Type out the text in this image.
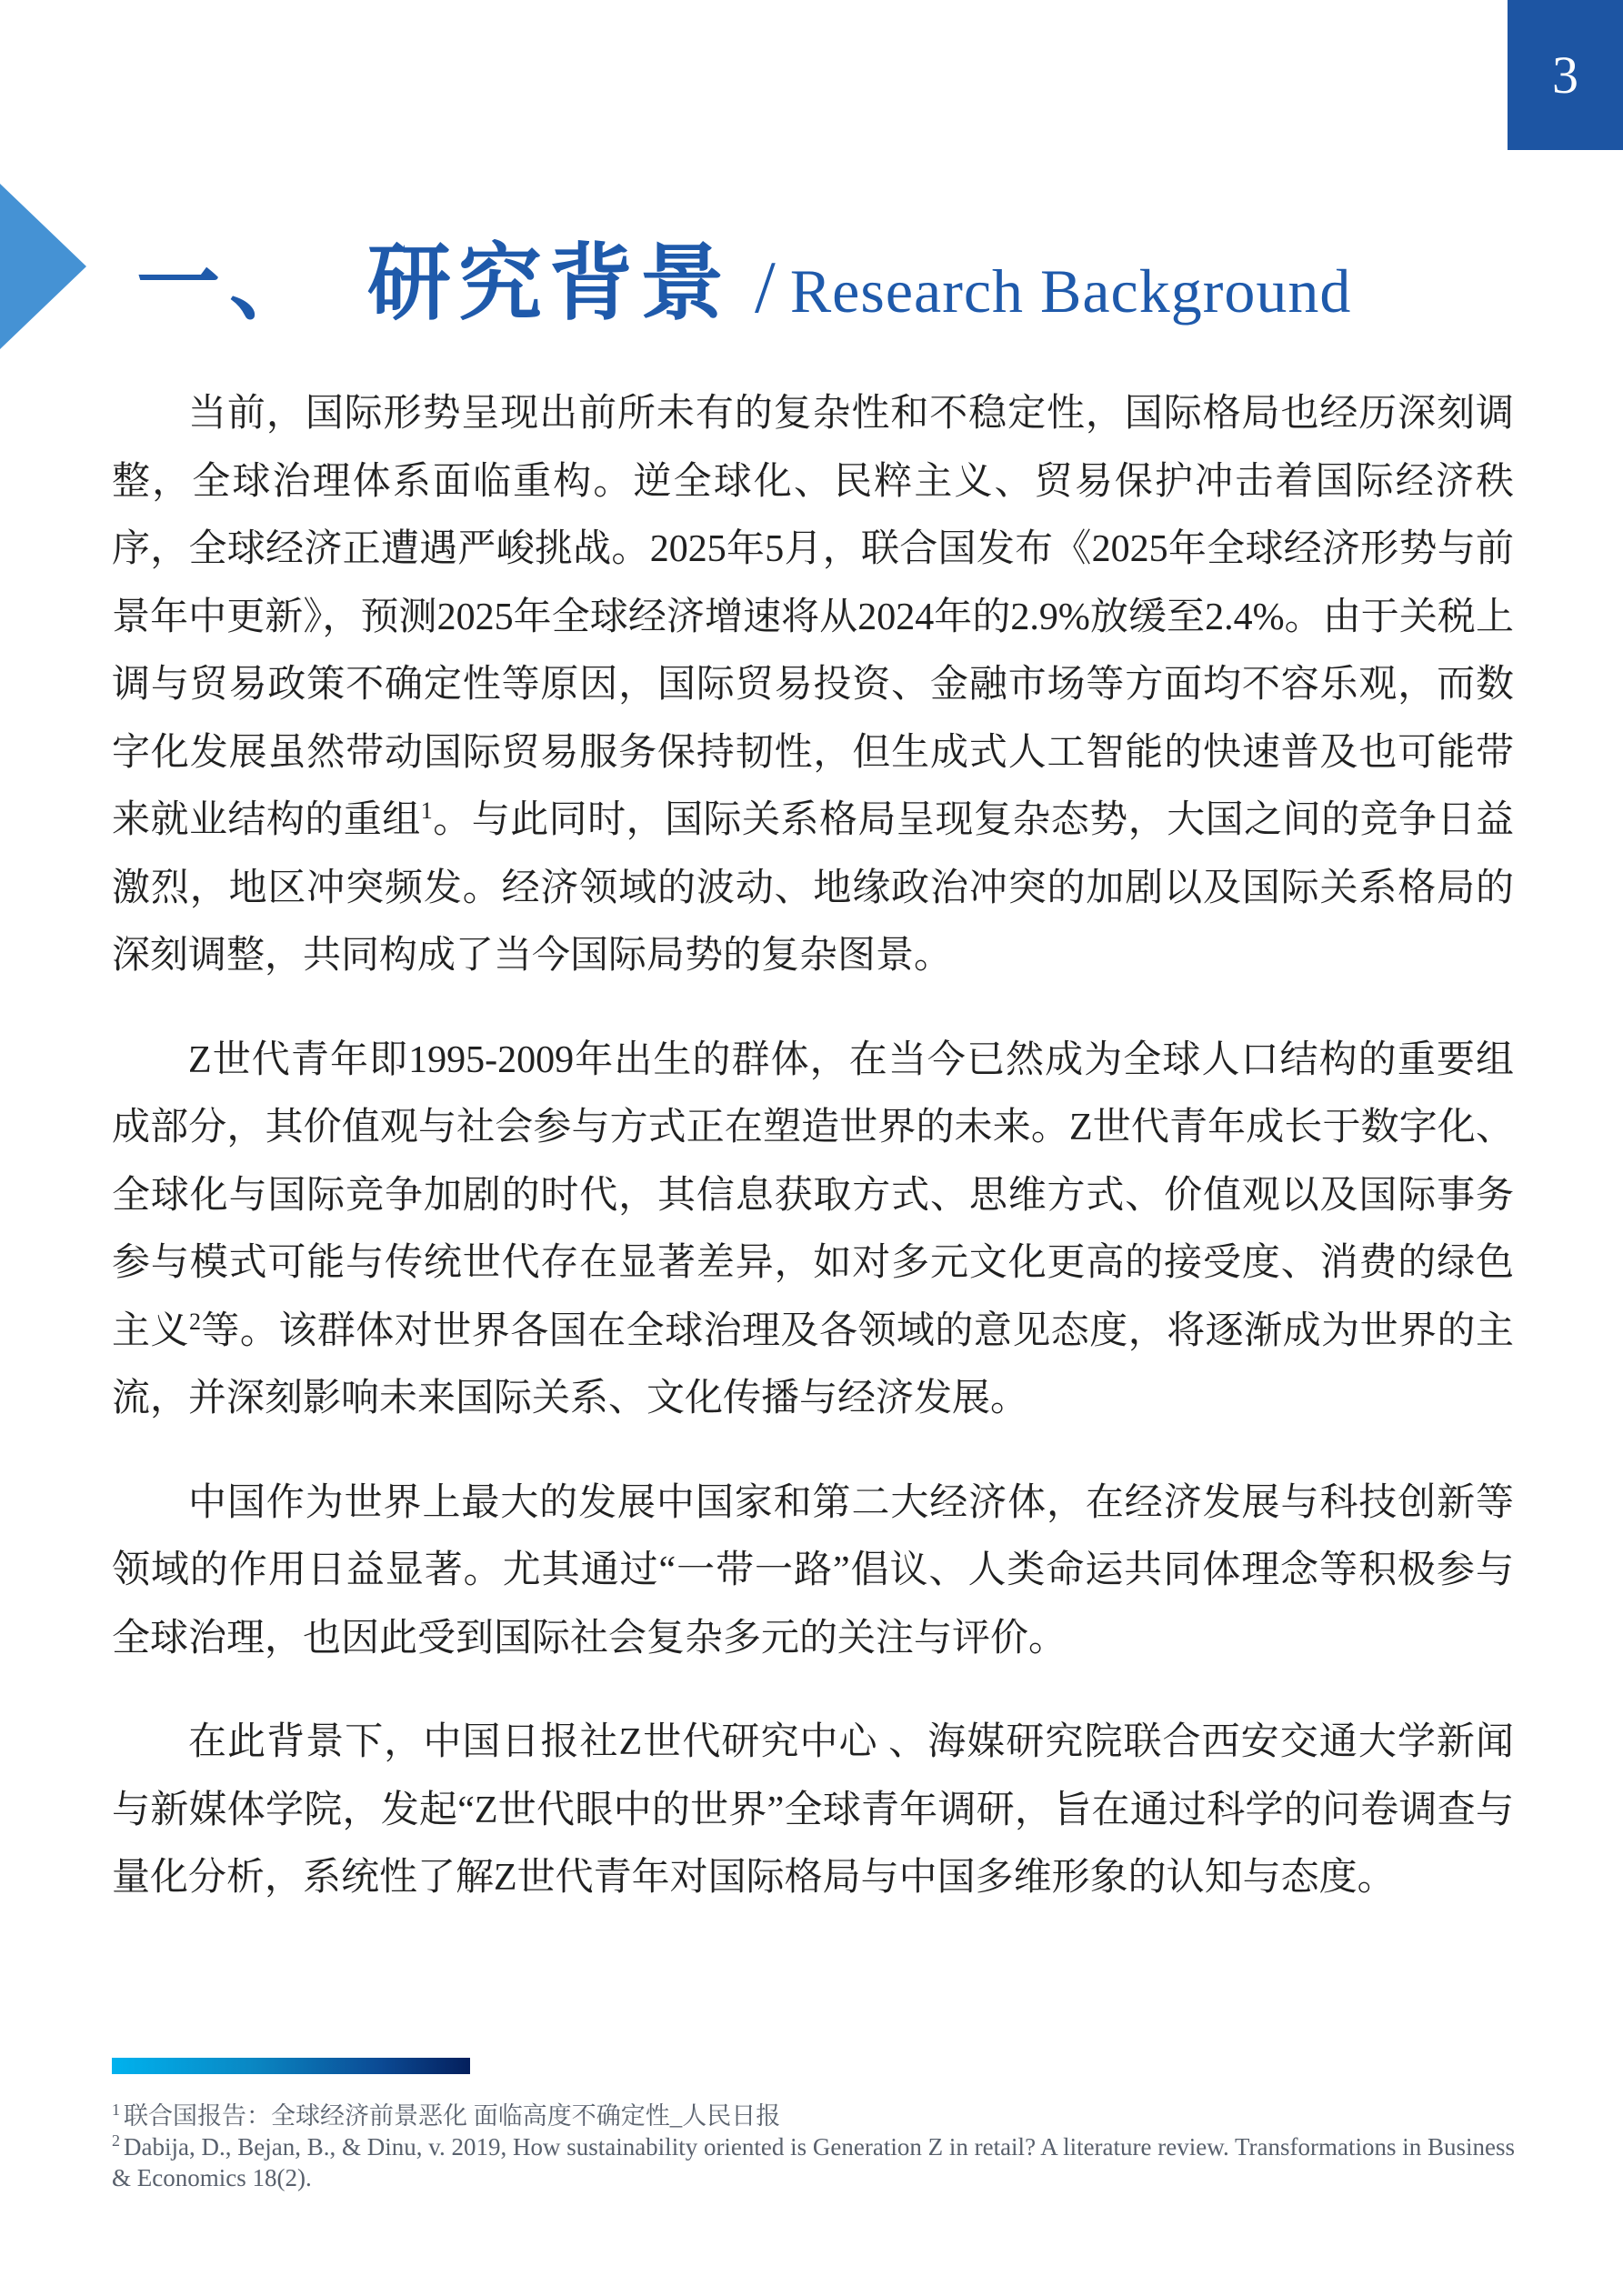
3
一、 研究背景 / Research Background

当前，国际形势呈现出前所未有的复杂性和不稳定性，国际格局也经历深刻调整，全球治理体系面临重构。逆全球化、民粹主义、贸易保护冲击着国际经济秩序，全球经济正遭遇严峻挑战。2025年5月，联合国发布《2025年全球经济形势与前景年中更新》，预测2025年全球经济增速将从2024年的2.9%放缓至2.4%。由于关税上调与贸易政策不确定性等原因，国际贸易投资、金融市场等方面均不容乐观，而数字化发展虽然带动国际贸易服务保持韧性，但生成式人工智能的快速普及也可能带来就业结构的重组$^1$。与此同时，国际关系格局呈现复杂态势，大国之间的竞争日益激烈，地区冲突频发。经济领域的波动、地缘政治冲突的加剧以及国际关系格局的深刻调整，共同构成了当今国际局势的复杂图景。

Z世代青年即1995-2009年出生的群体，在当今已然成为全球人口结构的重要组成部分，其价值观与社会参与方式正在塑造世界的未来。Z世代青年成长于数字化、全球化与国际竞争加剧的时代，其信息获取方式、思维方式、价值观以及国际事务参与模式可能与传统世代存在显著差异，如对多元文化更高的接受度、消费的绿色主义$^2$等。该群体对世界各国在全球治理及各领域的意见态度，将逐渐成为世界的主流，并深刻影响未来国际关系、文化传播与经济发展。

中国作为世界上最大的发展中国家和第二大经济体，在经济发展与科技创新等领域的作用日益显著。尤其通过“一带一路”倡议、人类命运共同体理念等积极参与全球治理，也因此受到国际社会复杂多元的关注与评价。

在此背景下，中国日报社Z世代研究中心 、海媒研究院联合西安交通大学新闻与新媒体学院，发起“Z世代眼中的世界”全球青年调研，旨在通过科学的问卷调查与量化分析，系统性了解Z世代青年对国际格局与中国多维形象的认知与态度。

$^1$ 联合国报告：全球经济前景恶化 面临高度不确定性_人民日报
$^2$ Dabija, D., Bejan, B., & Dinu, v. 2019, How sustainability oriented is Generation Z in retail? A literature review. Transformations in Business & Economics 18(2).
